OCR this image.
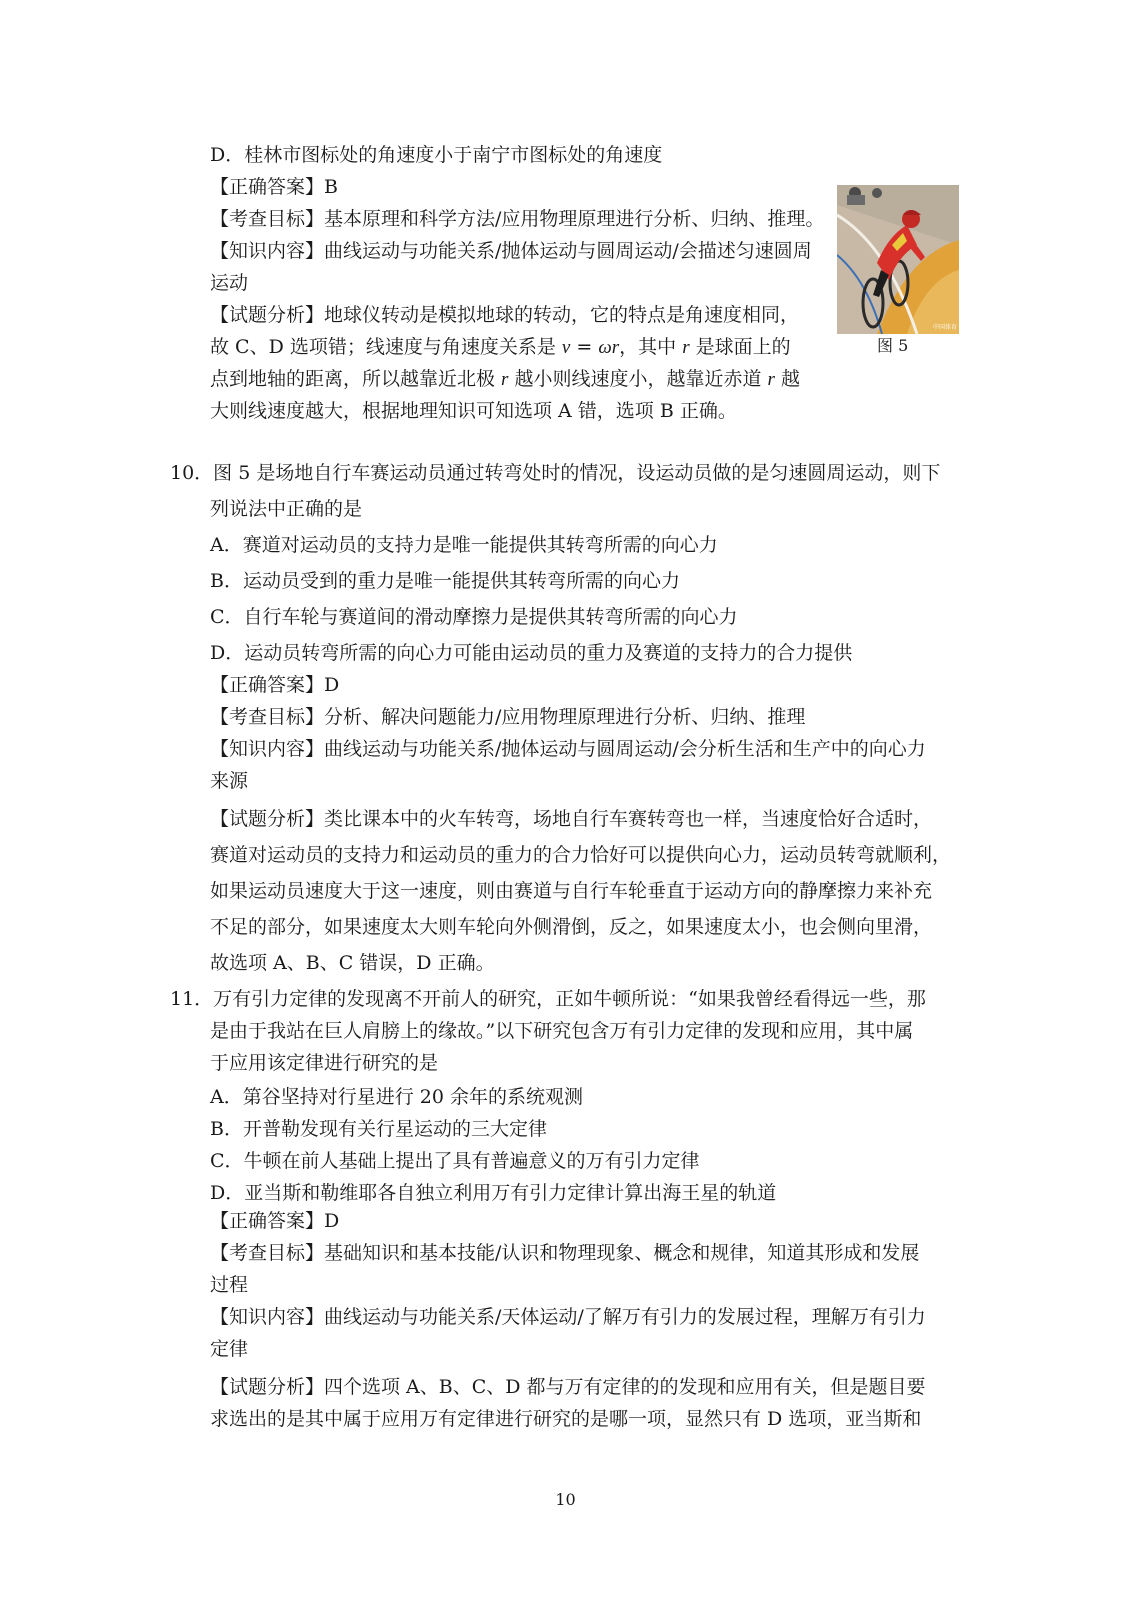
D．桂林市图标处的角速度小于南宁市图标处的角速度
【正确答案】B
【考查目标】基本原理和科学方法/应用物理原理进行分析、归纳、推理。
【知识内容】曲线运动与功能关系/抛体运动与圆周运动/会描述匀速圆周
运动
【试题分析】地球仪转动是模拟地球的转动，它的特点是角速度相同，
故 C、D 选项错；线速度与角速度关系是 v = ωr，其中 r 是球面上的
点到地轴的距离，所以越靠近北极 r 越小则线速度小，越靠近赤道 r 越
大则线速度越大，根据地理知识可知选项 A 错，选项 B 正确。
中国体育
图 5
10．图 5 是场地自行车赛运动员通过转弯处时的情况，设运动员做的是匀速圆周运动，则下
列说法中正确的是
A．赛道对运动员的支持力是唯一能提供其转弯所需的向心力
B．运动员受到的重力是唯一能提供其转弯所需的向心力
C．自行车轮与赛道间的滑动摩擦力是提供其转弯所需的向心力
D．运动员转弯所需的向心力可能由运动员的重力及赛道的支持力的合力提供
【正确答案】D
【考查目标】分析、解决问题能力/应用物理原理进行分析、归纳、推理
【知识内容】曲线运动与功能关系/抛体运动与圆周运动/会分析生活和生产中的向心力
来源
【试题分析】类比课本中的火车转弯，场地自行车赛转弯也一样，当速度恰好合适时，
赛道对运动员的支持力和运动员的重力的合力恰好可以提供向心力，运动员转弯就顺利，
如果运动员速度大于这一速度，则由赛道与自行车轮垂直于运动方向的静摩擦力来补充
不足的部分，如果速度太大则车轮向外侧滑倒，反之，如果速度太小，也会侧向里滑，
故选项 A、B、C 错误，D 正确。
11．万有引力定律的发现离不开前人的研究，正如牛顿所说：“如果我曾经看得远一些，那
是由于我站在巨人肩膀上的缘故。”以下研究包含万有引力定律的发现和应用，其中属
于应用该定律进行研究的是
A．第谷坚持对行星进行 20 余年的系统观测
B．开普勒发现有关行星运动的三大定律
C．牛顿在前人基础上提出了具有普遍意义的万有引力定律
D．亚当斯和勒维耶各自独立利用万有引力定律计算出海王星的轨道
【正确答案】D
【考查目标】基础知识和基本技能/认识和物理现象、概念和规律，知道其形成和发展
过程
【知识内容】曲线运动与功能关系/天体运动/了解万有引力的发展过程，理解万有引力
定律
【试题分析】四个选项 A、B、C、D 都与万有定律的的发现和应用有关，但是题目要
求选出的是其中属于应用万有定律进行研究的是哪一项，显然只有 D 选项，亚当斯和
10
